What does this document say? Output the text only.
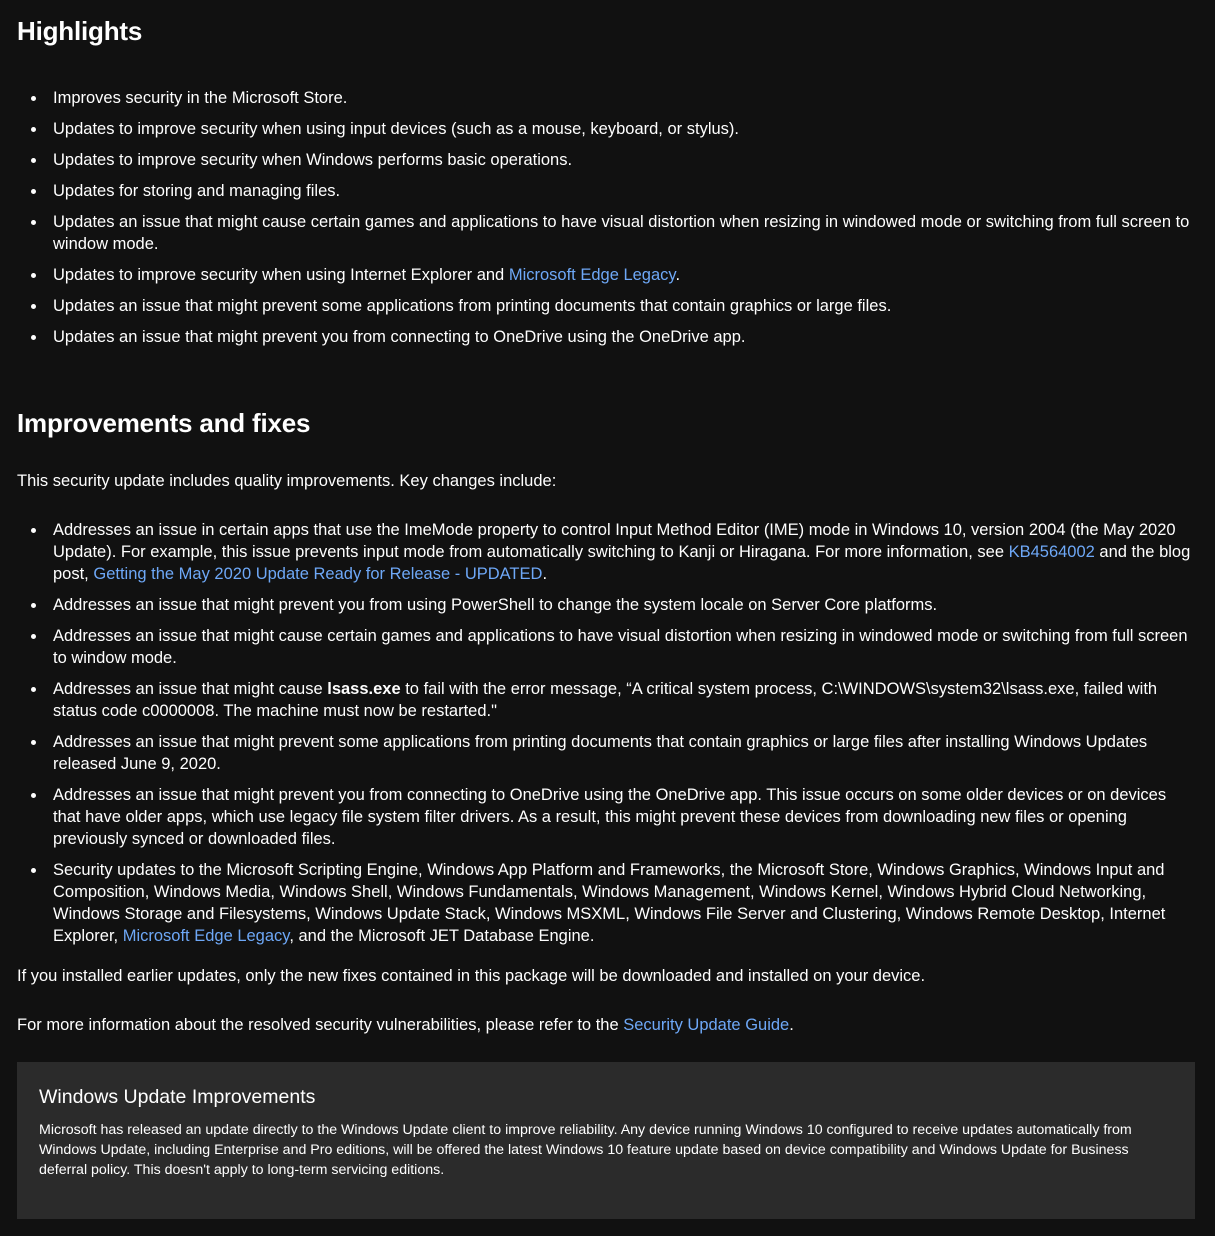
Highlights
Improves security in the Microsoft Store.
Updates to improve security when using input devices (such as a mouse, keyboard, or stylus).
Updates to improve security when Windows performs basic operations.
Updates for storing and managing files.
Updates an issue that might cause certain games and applications to have visual distortion when resizing in windowed mode or switching from full screen to window mode.
Updates to improve security when using Internet Explorer and Microsoft Edge Legacy.
Updates an issue that might prevent some applications from printing documents that contain graphics or large files.
Updates an issue that might prevent you from connecting to OneDrive using the OneDrive app.
Improvements and fixes

This security update includes quality improvements. Key changes include:

Addresses an issue in certain apps that use the ImeMode property to control Input Method Editor (IME) mode in Windows 10, version 2004 (the May 2020 Update). For example, this issue prevents input mode from automatically switching to Kanji or Hiragana. For more information, see KB4564002 and the blog post, Getting the May 2020 Update Ready for Release - UPDATED.
Addresses an issue that might prevent you from using PowerShell to change the system locale on Server Core platforms.
Addresses an issue that might cause certain games and applications to have visual distortion when resizing in windowed mode or switching from full screen to window mode.
Addresses an issue that might cause lsass.exe to fail with the error message, “A critical system process, C:\WINDOWS\system32\lsass.exe, failed with status code c0000008. The machine must now be restarted."
Addresses an issue that might prevent some applications from printing documents that contain graphics or large files after installing Windows Updates released June 9, 2020.
Addresses an issue that might prevent you from connecting to OneDrive using the OneDrive app. This issue occurs on some older devices or on devices that have older apps, which use legacy file system filter drivers. As a result, this might prevent these devices from downloading new files or opening previously synced or downloaded files.
Security updates to the Microsoft Scripting Engine, Windows App Platform and Frameworks, the Microsoft Store, Windows Graphics, Windows Input and Composition, Windows Media, Windows Shell, Windows Fundamentals, Windows Management, Windows Kernel, Windows Hybrid Cloud Networking, Windows Storage and Filesystems, Windows Update Stack, Windows MSXML, Windows File Server and Clustering, Windows Remote Desktop, Internet Explorer, Microsoft Edge Legacy, and the Microsoft JET Database Engine.

If you installed earlier updates, only the new fixes contained in this package will be downloaded and installed on your device.

For more information about the resolved security vulnerabilities, please refer to the Security Update Guide.

Windows Update Improvements

Microsoft has released an update directly to the Windows Update client to improve reliability. Any device running Windows 10 configured to receive updates automatically from Windows Update, including Enterprise and Pro editions, will be offered the latest Windows 10 feature update based on device compatibility and Windows Update for Business deferral policy. This doesn't apply to long-term servicing editions.
